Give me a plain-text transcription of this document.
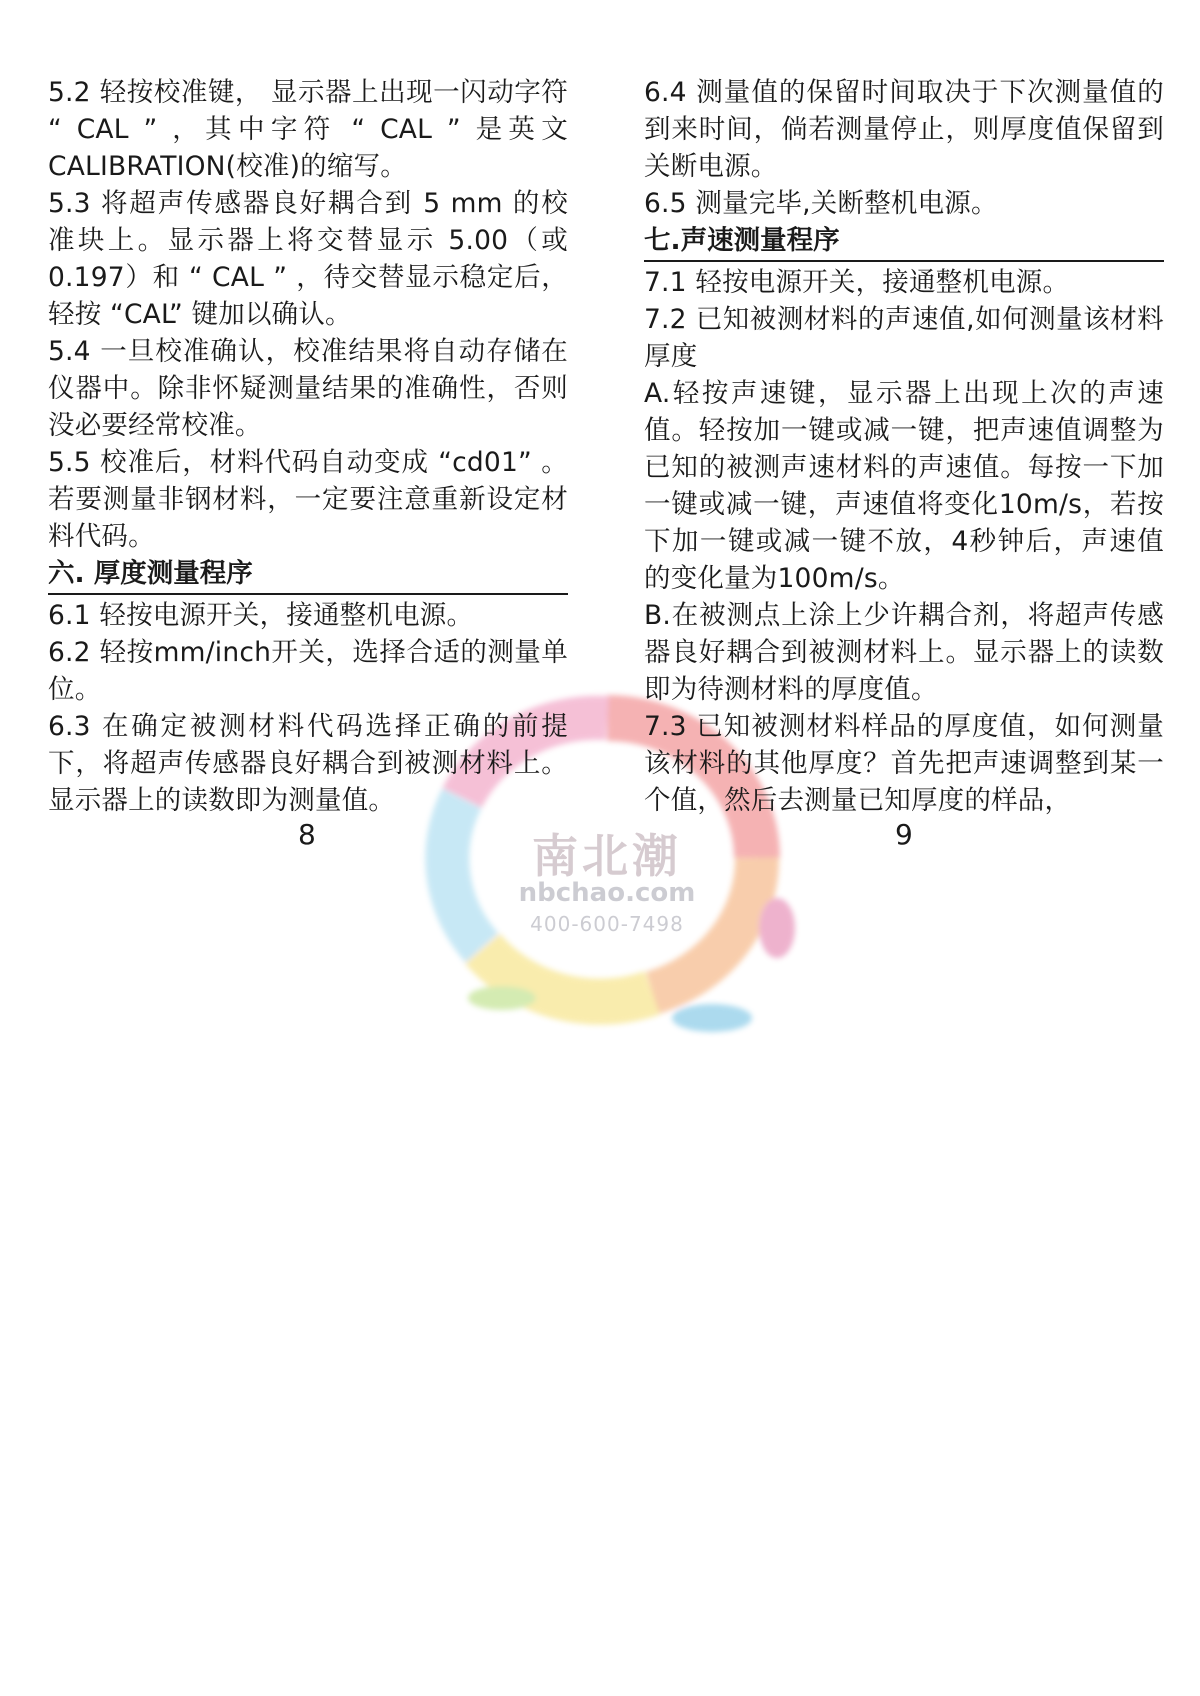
南北潮
nbchao.com
400-600-7498

5.2 轻按校准键， 显示器上出现一闪动字符 “ CAL ” ，其中字符 “ CAL ” 是英文CALIBRATION(校准)的缩写。

5.3 将超声传感器良好耦合到 5 mm 的校准块上。显示器上将交替显示 5.00（或0.197）和 “ CAL ” ，待交替显示稳定后，轻按 “CAL” 键加以确认。

5.4 一旦校准确认，校准结果将自动存储在仪器中。除非怀疑测量结果的准确性，否则没必要经常校准。

5.5 校准后，材料代码自动变成 “cd01” 。若要测量非钢材料，一定要注意重新设定材料代码。

六. 厚度测量程序

6.1 轻按电源开关，接通整机电源。

6.2 轻按mm/inch开关，选择合适的测量单位。

6.3 在确定被测材料代码选择正确的前提下，将超声传感器良好耦合到被测材料上。显示器上的读数即为测量值。

6.4 测量值的保留时间取决于下次测量值的到来时间，倘若测量停止，则厚度值保留到关断电源。

6.5 测量完毕,关断整机电源。

七.声速测量程序

7.1 轻按电源开关，接通整机电源。

7.2 已知被测材料的声速值,如何测量该材料厚度

A.轻按声速键，显示器上出现上次的声速值。轻按加一键或减一键，把声速值调整为已知的被测声速材料的声速值。每按一下加一键或减一键，声速值将变化10m/s，若按下加一键或减一键不放，4秒钟后，声速值的变化量为100m/s。

B.在被测点上涂上少许耦合剂，将超声传感器良好耦合到被测材料上。显示器上的读数即为待测材料的厚度值。

7.3 已知被测材料样品的厚度值，如何测量该材料的其他厚度？首先把声速调整到某一个值，然后去测量已知厚度的样品，

8	9
